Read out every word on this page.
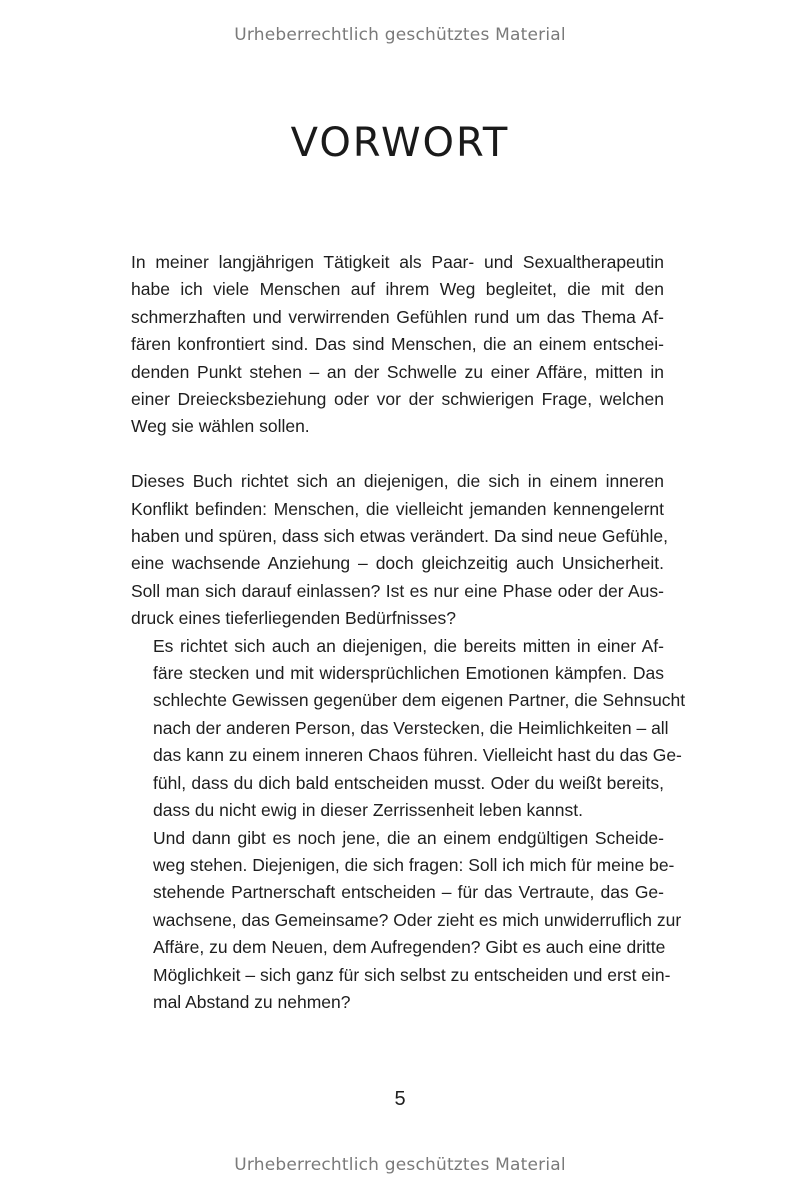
Urheberrechtlich geschütztes Material
VORWORT

In meiner langjährigen Tätigkeit als Paar- und Sexualtherapeutin
habe ich viele Menschen auf ihrem Weg begleitet, die mit den
schmerzhaften und verwirrenden Gefühlen rund um das Thema Af-
fären konfrontiert sind. Das sind Menschen, die an einem entschei-
denden Punkt stehen – an der Schwelle zu einer Affäre, mitten in
einer Dreiecksbeziehung oder vor der schwierigen Frage, welchen
Weg sie wählen sollen.

Dieses Buch richtet sich an diejenigen, die sich in einem inneren
Konflikt befinden: Menschen, die vielleicht jemanden kennengelernt
haben und spüren, dass sich etwas verändert. Da sind neue Gefühle,
eine wachsende Anziehung – doch gleichzeitig auch Unsicherheit.
Soll man sich darauf einlassen? Ist es nur eine Phase oder der Aus-
druck eines tieferliegenden Bedürfnisses?

Es richtet sich auch an diejenigen, die bereits mitten in einer Af-
färe stecken und mit widersprüchlichen Emotionen kämpfen. Das
schlechte Gewissen gegenüber dem eigenen Partner, die Sehnsucht
nach der anderen Person, das Verstecken, die Heimlichkeiten – all
das kann zu einem inneren Chaos führen. Vielleicht hast du das Ge-
fühl, dass du dich bald entscheiden musst. Oder du weißt bereits,
dass du nicht ewig in dieser Zerrissenheit leben kannst.

Und dann gibt es noch jene, die an einem endgültigen Scheide-
weg stehen. Diejenigen, die sich fragen: Soll ich mich für meine be-
stehende Partnerschaft entscheiden – für das Vertraute, das Ge-
wachsene, das Gemeinsame? Oder zieht es mich unwiderruflich zur
Affäre, zu dem Neuen, dem Aufregenden? Gibt es auch eine dritte
Möglichkeit – sich ganz für sich selbst zu entscheiden und erst ein-
mal Abstand zu nehmen?

5
Urheberrechtlich geschütztes Material
